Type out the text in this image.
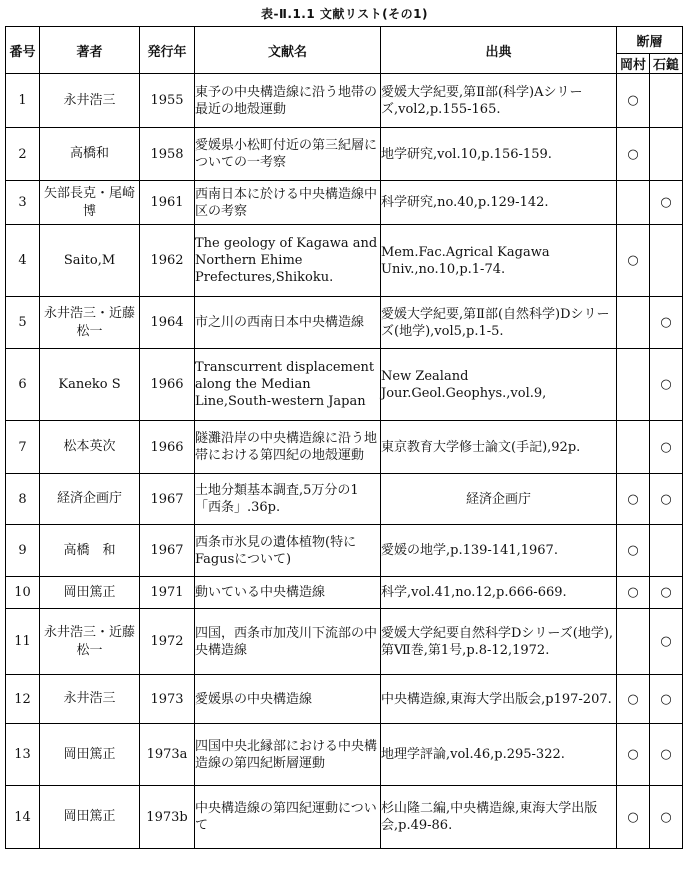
表-Ⅱ.1.1 文献リスト(その1)
番号	著者	発行年	文献名	出典	断層	
					岡村	石鎚
1	永井浩三	1955	東予の中央構造線に沿う地帯の最近の地殻運動	愛媛大学紀要,第Ⅱ部(科学)Aシリーズ,vol2,p.155-165.	○	
2	高橋和	1958	愛媛県小松町付近の第三紀層についての一考察	地学研究,vol.10,p.156-159.	○	
3	矢部長克・尾崎博	1961	西南日本に於ける中央構造線中区の考察	科学研究,no.40,p.129-142.		○
4	Saito,M	1962	The geology of Kagawa and Northern Ehime Prefectures,Shikoku.	Mem.Fac.Agrical Kagawa Univ.,no.10,p.1-74.	○	
5	永井浩三・近藤松一	1964	市之川の西南日本中央構造線	愛媛大学紀要,第Ⅱ部(自然科学)Dシリーズ(地学),vol5,p.1-5.		○
6	Kaneko S	1966	Transcurrent displacement along the Median Line,South-western Japan	New Zealand Jour.Geol.Geophys.,vol.9,		○
7	松本英次	1966	隧灘沿岸の中央構造線に沿う地帯における第四紀の地殻運動	東京教育大学修士論文(手記),92p.		○
8	経済企画庁	1967	土地分類基本調査,5万分の1「西条」.36p.	経済企画庁	○	○
9	高橋　和	1967	西条市氷見の遺体植物(特にFagusについて)	愛媛の地学,p.139-141,1967.	○	
10	岡田篤正	1971	動いている中央構造線	科学,vol.41,no.12,p.666-669.	○	○
11	永井浩三・近藤松一	1972	四国，西条市加茂川下流部の中央構造線	愛媛大学紀要自然科学Dシリーズ(地学),第Ⅶ巻,第1号,p.8-12,1972.		○
12	永井浩三	1973	愛媛県の中央構造線	中央構造線,東海大学出版会,p197-207.	○	○
13	岡田篤正	1973a	四国中央北縁部における中央構造線の第四紀断層運動	地理学評論,vol.46,p.295-322.	○	○
14	岡田篤正	1973b	中央構造線の第四紀運動について	杉山隆二編,中央構造線,東海大学出版会,p.49-86.	○	○
